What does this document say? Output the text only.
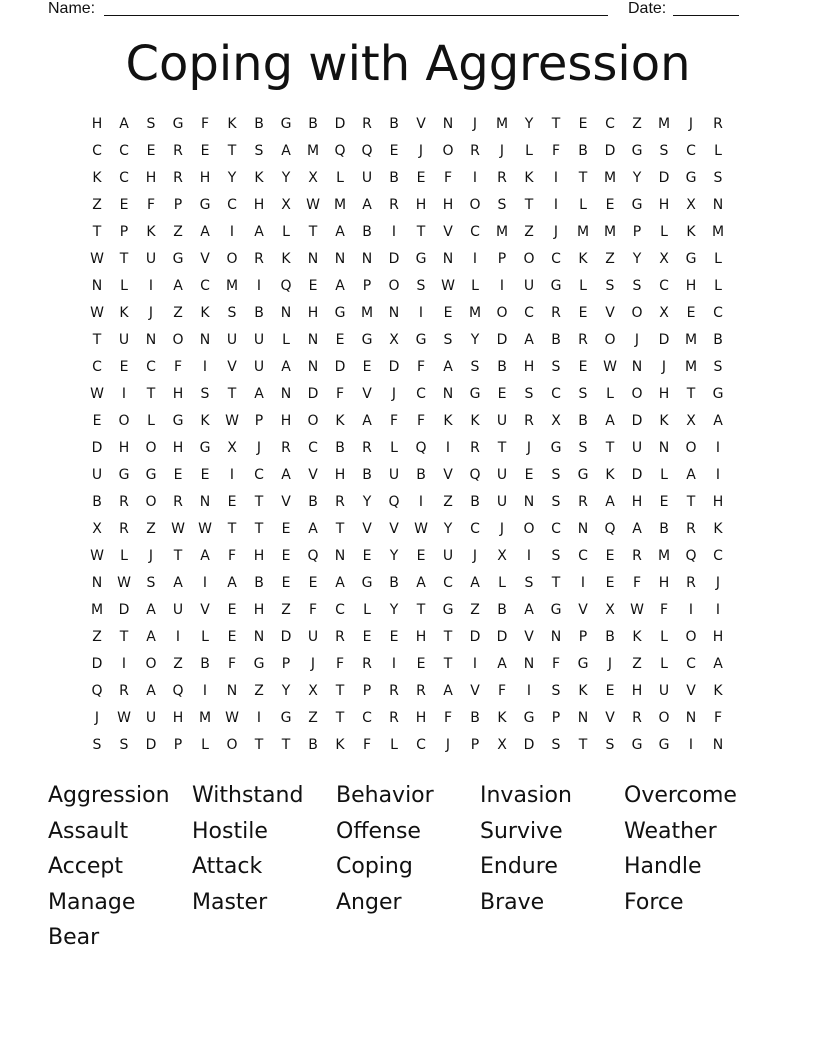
Name:	Date:
Coping with Aggression
H	A	S	G	F	K	B	G	B	D	R	B	V	N	J	M	Y	T	E	C	Z	M	J	R
C	C	E	R	E	T	S	A	M	Q	Q	E	J	O	R	J	L	F	B	D	G	S	C	L
K	C	H	R	H	Y	K	Y	X	L	U	B	E	F	I	R	K	I	T	M	Y	D	G	S
Z	E	F	P	G	C	H	X	W M	A	R	H	H	O	S	T	I	L	E	G	H	X	N
T	P	K	Z	A	I	A	L	T	A	B	I	T	V	C	M	Z	J	M M	P	L	K	M
W	T	U	G	V	O	R	K	N	N	N	D	G	N	I	P	O	C	K	Z	Y	X	G	L
N	L	I	A	C	M	I	Q	E	A	P	O	S	W	L	I	U	G	L	S	S	C	H	L
W	K	J	Z	K	S	B	N	H	G	M	N	I	E	M	O	C	R	E	V	O	X	E	C
T	U	N	O	N	U	U	L	N	E	G	X	G	S	Y	D	A	B	R	O	J	D	M	B
C	E	C	F	I	V	U	A	N	D	E	D	F	A	S	B	H	S	E	W N	J	M	S
W	I	T	H	S	T	A	N	D	F	V	J	C	N	G	E	S	C	S	L	O	H	T	G
E	O	L	G	K	W	P	H	O	K	A	F	F	K	K	U	R	X	B	A	D	K	X	A
D	H	O	H	G	X	J	R	C	B	R	L	Q	I	R	T	J	G	S	T	U	N	O	I
U	G	G	E	E	I	C	A	V	H	B	U	B	V	Q	U	E	S	G	K	D	L	A	I
B	R	O	R	N	E	T	V	B	R	Y	Q	I	Z	B	U	N	S	R	A	H	E	T	H
X	R	Z	W W	T	T	E	A	T	V	V	W	Y	C	J	O	C	N	Q	A	B	R	K
W	L	J	T	A	F	H	E	Q	N	E	Y	E	U	J	X	I	S	C	E	R	M	Q	C
N W	S	A	I	A	B	E	E	A	G	B	A	C	A	L	S	T	I	E	F	H	R	J
M	D	A	U	V	E	H	Z	F	C	L	Y	T	G	Z	B	A	G	V	X	W	F	I	I
Z	T	A	I	L	E	N	D	U	R	E	E	H	T	D	D	V	N	P	B	K	L	O	H
D	I	O	Z	B	F	G	P	J	F	R	I	E	T	I	A	N	F	G	J	Z	L	C	A
Q	R	A	Q	I	N	Z	Y	X	T	P	R	R	A	V	F	I	S	K	E	H	U	V	K
J	W U	H	M W	I	G	Z	T	C	R	H	F	B	K	G	P	N	V	R	O	N	F
S	S	D	P	L	O	T	T	B	K	F	L	C	J	P	X	D	S	T	S	G	G	I	N
Aggression	Withstand	Behavior	Invasion	Overcome
Assault	Hostile	Offense	Survive	Weather
Accept	Attack	Coping	Endure	Handle
Manage	Master	Anger	Brave	Force
Bear
